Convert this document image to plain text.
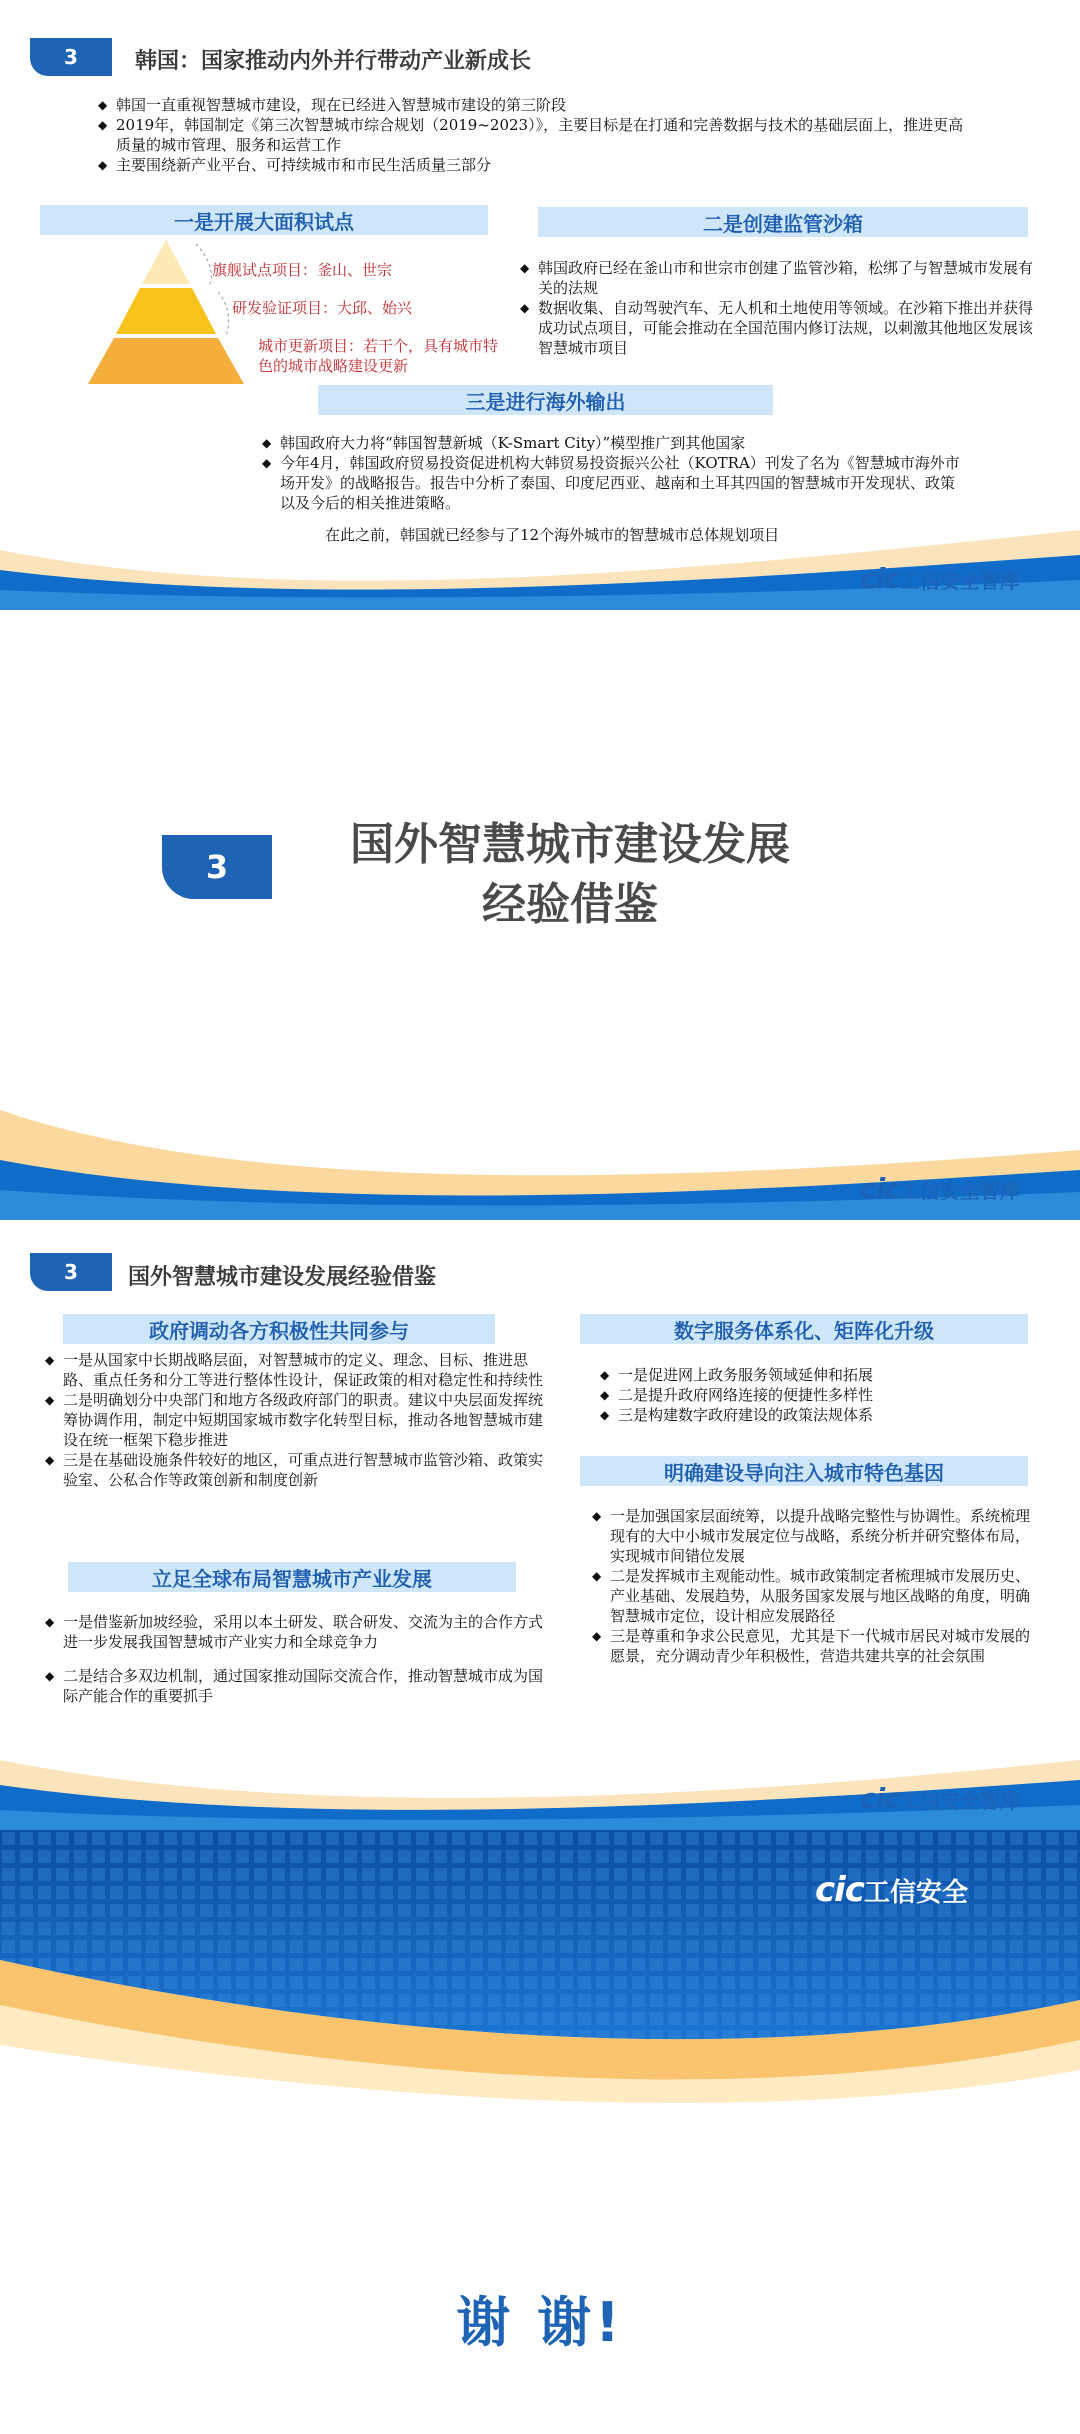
3	韩国：国家推动内外并行带动产业新成长
◆ 韩国一直重视智慧城市建设，现在已经进入智慧城市建设的第三阶段
◆ 2019年，韩国制定《第三次智慧城市综合规划（2019~2023）》，主要目标是在打通和完善数据与技术的基础层面上，推进更高质量的城市管理、服务和运营工作
◆ 主要围绕新产业平台、可持续城市和市民生活质量三部分
一是开展大面积试点
旗舰试点项目：釜山、世宗
研发验证项目：大邱、始兴
城市更新项目：若干个，具有城市特色的城市战略建设更新
二是创建监管沙箱
◆ 韩国政府已经在釜山市和世宗市创建了监管沙箱，松绑了与智慧城市发展有关的法规
◆ 数据收集、自动驾驶汽车、无人机和土地使用等领域。在沙箱下推出并获得成功试点项目，可能会推动在全国范围内修订法规，以刺激其他地区发展该智慧城市项目
三是进行海外输出
◆ 韩国政府大力将“韩国智慧新城（K-Smart City）”模型推广到其他国家
◆ 今年4月，韩国政府贸易投资促进机构大韩贸易投资振兴公社（KOTRA）刊发了名为《智慧城市海外市场开发》的战略报告。报告中分析了泰国、印度尼西亚、越南和土耳其四国的智慧城市开发现状、政策以及今后的相关推进策略。
在此之前，韩国就已经参与了12个海外城市的智慧城市总体规划项目
cic工信安全智库
3	国外智慧城市建设发展
经验借鉴
cic工信安全智库
3	国外智慧城市建设发展经验借鉴
政府调动各方积极性共同参与
◆ 一是从国家中长期战略层面，对智慧城市的定义、理念、目标、推进思路、重点任务和分工等进行整体性设计，保证政策的相对稳定性和持续性
◆ 二是明确划分中央部门和地方各级政府部门的职责。建议中央层面发挥统筹协调作用，制定中短期国家城市数字化转型目标，推动各地智慧城市建设在统一框架下稳步推进
◆ 三是在基础设施条件较好的地区，可重点进行智慧城市监管沙箱、政策实验室、公私合作等政策创新和制度创新
立足全球布局智慧城市产业发展
◆ 一是借鉴新加坡经验，采用以本土研发、联合研发、交流为主的合作方式进一步发展我国智慧城市产业实力和全球竞争力
◆ 二是结合多双边机制，通过国家推动国际交流合作，推动智慧城市成为国际产能合作的重要抓手
数字服务体系化、矩阵化升级
◆ 一是促进网上政务服务领域延伸和拓展
◆ 二是提升政府网络连接的便捷性多样性
◆ 三是构建数字政府建设的政策法规体系
明确建设导向注入城市特色基因
◆ 一是加强国家层面统筹，以提升战略完整性与协调性。系统梳理现有的大中小城市发展定位与战略，系统分析并研究整体布局，实现城市间错位发展
◆ 二是发挥城市主观能动性。城市政策制定者梳理城市发展历史、产业基础、发展趋势，从服务国家发展与地区战略的角度，明确智慧城市定位，设计相应发展路径
◆ 三是尊重和争求公民意见，尤其是下一代城市居民对城市发展的愿景，充分调动青少年积极性，营造共建共享的社会氛围
cic工信安全智库
cic工信安全
谢 谢!
